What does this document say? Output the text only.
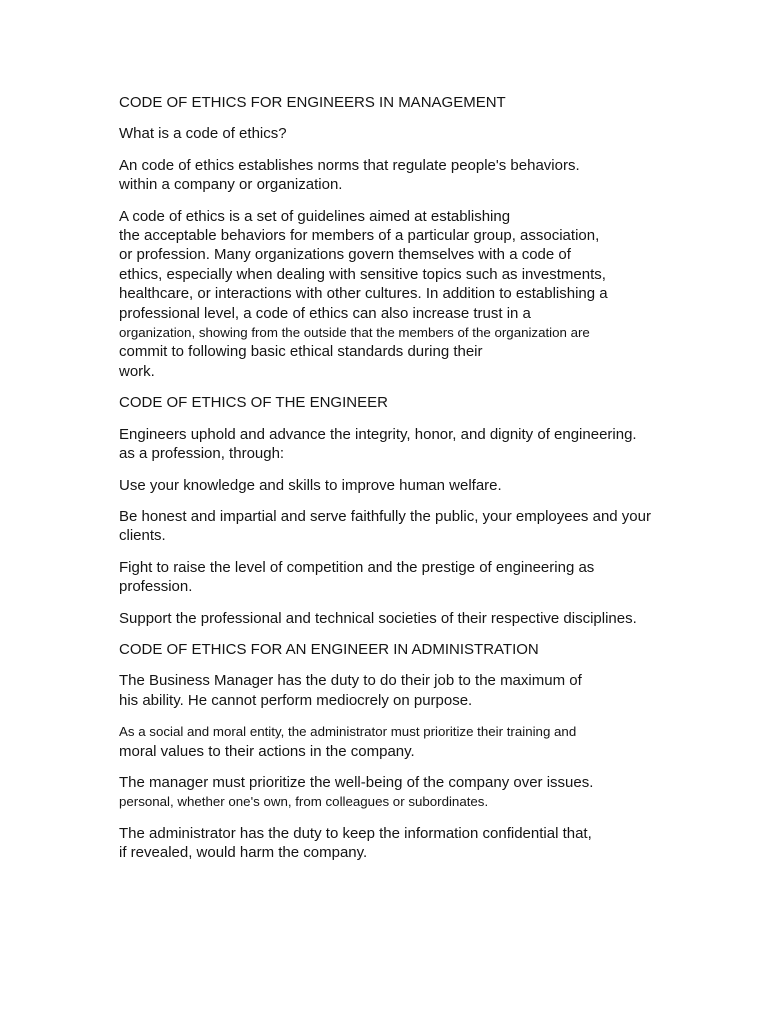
CODE OF ETHICS FOR ENGINEERS IN MANAGEMENT
What is a code of ethics?
An code of ethics establishes norms that regulate people's behaviors.
within a company or organization.
A code of ethics is a set of guidelines aimed at establishing
the acceptable behaviors for members of a particular group, association,
or profession. Many organizations govern themselves with a code of
ethics, especially when dealing with sensitive topics such as investments,
healthcare, or interactions with other cultures. In addition to establishing a
professional level, a code of ethics can also increase trust in a
organization, showing from the outside that the members of the organization are
commit to following basic ethical standards during their
work.
CODE OF ETHICS OF THE ENGINEER
Engineers uphold and advance the integrity, honor, and dignity of engineering.
as a profession, through:
Use your knowledge and skills to improve human welfare.
Be honest and impartial and serve faithfully the public, your employees and your
clients.
Fight to raise the level of competition and the prestige of engineering as
profession.
Support the professional and technical societies of their respective disciplines.
CODE OF ETHICS FOR AN ENGINEER IN ADMINISTRATION
The Business Manager has the duty to do their job to the maximum of
his ability. He cannot perform mediocrely on purpose.
As a social and moral entity, the administrator must prioritize their training and
moral values to their actions in the company.
The manager must prioritize the well-being of the company over issues.
personal, whether one's own, from colleagues or subordinates.
The administrator has the duty to keep the information confidential that,
if revealed, would harm the company.
